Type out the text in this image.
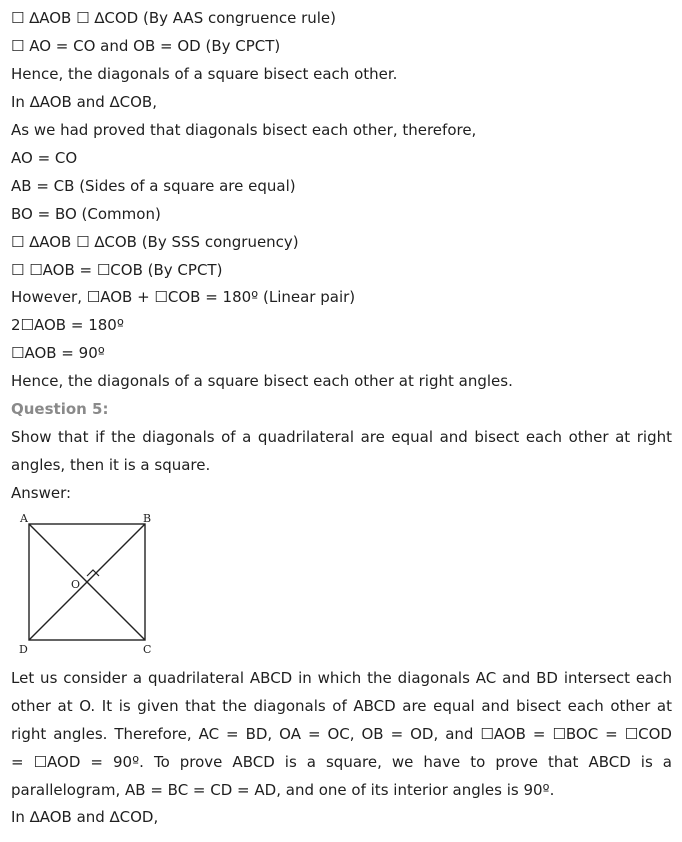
☐ ∆AOB ☐ ∆COD (By AAS congruence rule)
☐ AO = CO and OB = OD (By CPCT)
Hence, the diagonals of a square bisect each other.
In ∆AOB and ∆COB,
As we had proved that diagonals bisect each other, therefore,
AO = CO
AB = CB (Sides of a square are equal)
BO = BO (Common)
☐ ∆AOB ☐ ∆COB (By SSS congruency)
☐ ☐AOB = ☐COB (By CPCT)
However, ☐AOB + ☐COB = 180º (Linear pair)
2☐AOB = 180º
☐AOB = 90º
Hence, the diagonals of a square bisect each other at right angles.
Question 5:
Show that if the diagonals of a quadrilateral are equal and bisect each other at right
angles, then it is a square.
Answer:
A	B
C
D
O
Let us consider a quadrilateral ABCD in which the diagonals AC and BD intersect each
other at O. It is given that the diagonals of ABCD are equal and bisect each other at
right angles. Therefore, AC = BD, OA = OC, OB = OD, and ☐AOB = ☐BOC = ☐COD
= ☐AOD = 90º. To prove ABCD is a square, we have to prove that ABCD is a
parallelogram, AB = BC = CD = AD, and one of its interior angles is 90º.
In ∆AOB and ∆COD,
